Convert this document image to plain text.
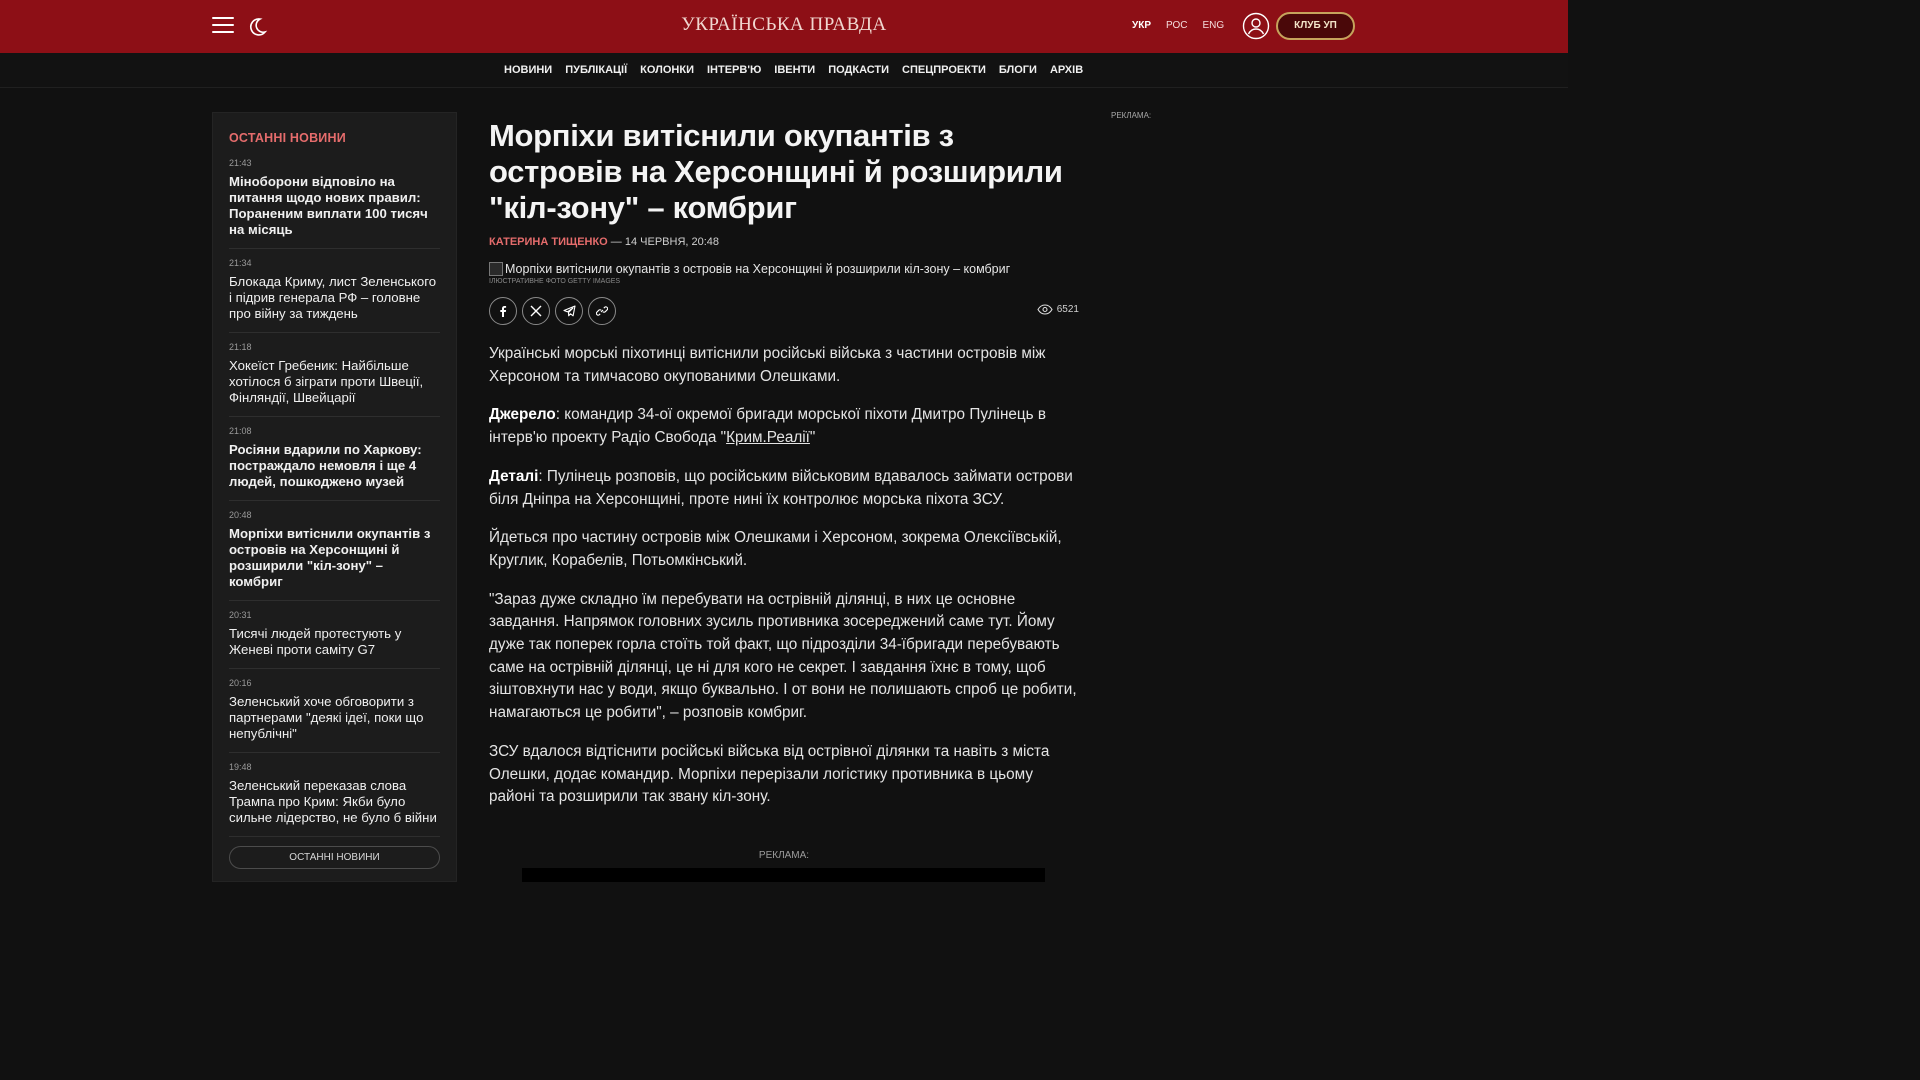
УКРАЇНСЬКА ПРАВДА	УКР РОС ENG	КЛУБ УП
НОВИНИ ПУБЛІКАЦІЇ КОЛОНКИ ІНТЕРВ'Ю ІВЕНТИ ПОДКАСТИ СПЕЦПРОЕКТИ БЛОГИ АРХІВ
ОСТАННІ НОВИНИ
21:43
Міноборони відповіло на питання щодо нових правил: Пораненим виплати 100 тисяч на місяць
21:34
Блокада Криму, лист Зеленського і підрив генерала РФ – головне про війну за тиждень
21:18
Хокеїст Гребеник: Найбільше хотілося б зіграти проти Швеції, Фінляндії, Швейцарії
21:08
Росіяни вдарили по Харкову: постраждало немовля і ще 4 людей, пошкоджено музей
20:48
Морпіхи витіснили окупантів з островів на Херсонщині й розширили "кіл-зону" – комбриг
20:31
Тисячі людей протестують у Женеві проти саміту G7
20:16
Зеленський хоче обговорити з партнерами "деякі ідеї, поки що непублічні"
19:48
Зеленський переказав слова Трампа про Крим: Якби було сильне лідерство, не було б війни
ОСТАННІ НОВИНИ
Морпіхи витіснили окупантів з островів на Херсонщині й розширили "кіл-зону" – комбриг
КАТЕРИНА ТИЩЕНКО — 14 ЧЕРВНЯ, 20:48
Морпіхи витіснили окупантів з островів на Херсонщині й розширили кіл-зону – комбриг
ІЛЮСТРАТИВНЕ ФОТО GETTY IMAGES
6521

Українські морські піхотинці витіснили російські війська з частини островів між Херсоном та тимчасово окупованими Олешками.

Джерело: командир 34-ої окремої бригади морської піхоти Дмитро Пулінець в інтерв'ю проекту Радіо Свобода "Крим.Реалії"

Деталі: Пулінець розповів, що російським військовим вдавалось займати острови біля Дніпра на Херсонщині, проте нині їх контролює морська піхота ЗСУ.

Йдеться про частину островів між Олешками і Херсоном, зокрема Олексіївській, Круглик, Корабелів, Потьомкінський.

"Зараз дуже складно їм перебувати на острівній ділянці, в них це основне завдання. Напрямок головних зусиль противника зосереджений саме тут. Йому дуже так поперек горла стоїть той факт, що підрозділи 34-їбригади перебувають саме на острівній ділянці, це ні для кого не секрет. І завдання їхнє в тому, щоб зіштовхнути нас у води, якщо буквально. І от вони не полишають спроб це робити, намагаються це робити", – розповів комбриг.

ЗСУ вдалося відтіснити російські війська від острівної ділянки та навіть з міста Олешки, додає командир. Морпіхи перерізали логістику противника в цьому районі та розширили так звану кіл-зону.

РЕКЛАМА:
РЕКЛАМА:
